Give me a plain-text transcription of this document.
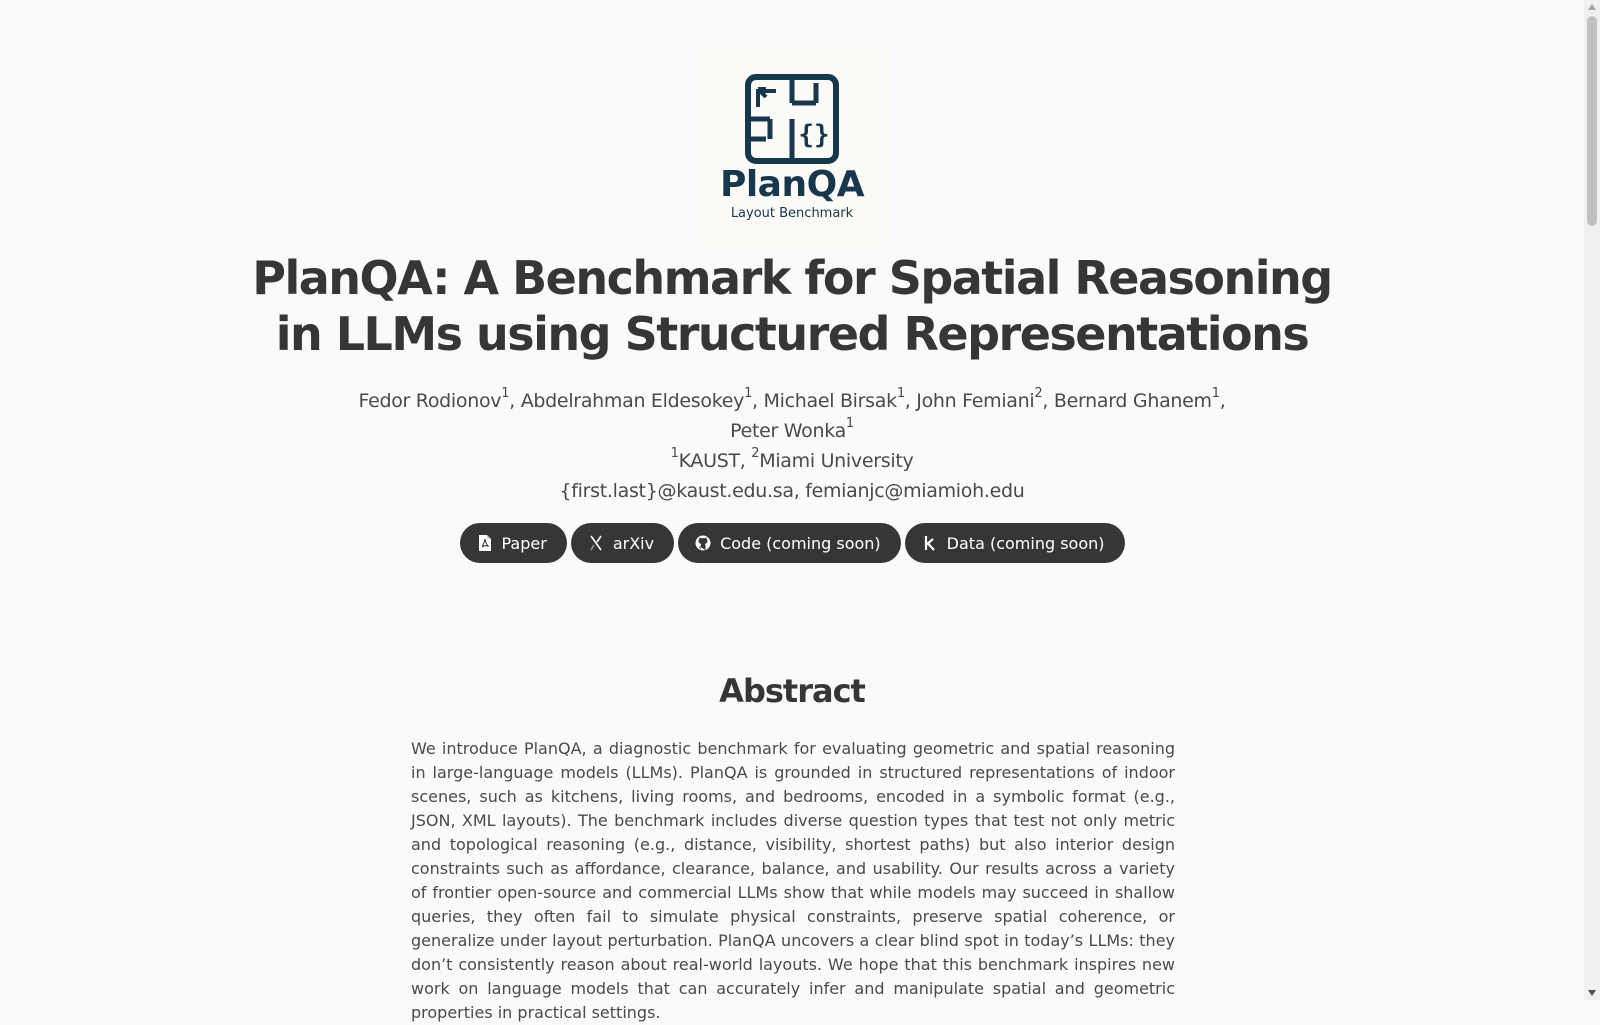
{}
PlanQA
Layout Benchmark
PlanQA: A Benchmark for Spatial Reasoning
in LLMs using Structured Representations
Fedor Rodionov$^1$, Abdelrahman Eldesokey$^1$, Michael Birsak$^1$, John Femiani$^2$, Bernard Ghanem$^1$,
Peter Wonka$^1$
$^1$KAUST, $^2$Miami University
{first.last}@kaust.edu.sa, femianjc@miamioh.edu
Paper	arXiv	Code (coming soon)	Data (coming soon)
Abstract

We introduce PlanQA, a diagnostic benchmark for evaluating geometric and spatial reasoning in large-language models (LLMs). PlanQA is grounded in structured representations of indoor scenes, such as kitchens, living rooms, and bedrooms, encoded in a symbolic format (e.g., JSON, XML layouts). The benchmark includes diverse question types that test not only metric and topological reasoning (e.g., distance, visibility, shortest paths) but also interior design constraints such as affordance, clearance, balance, and usability. Our results across a variety of frontier open-source and commercial LLMs show that while models may succeed in shallow queries, they often fail to simulate physical constraints, preserve spatial coherence, or generalize under layout perturbation. PlanQA uncovers a clear blind spot in today’s LLMs: they don’t consistently reason about real-world layouts. We hope that this benchmark inspires new work on language models that can accurately infer and manipulate spatial and geometric properties in practical settings.
